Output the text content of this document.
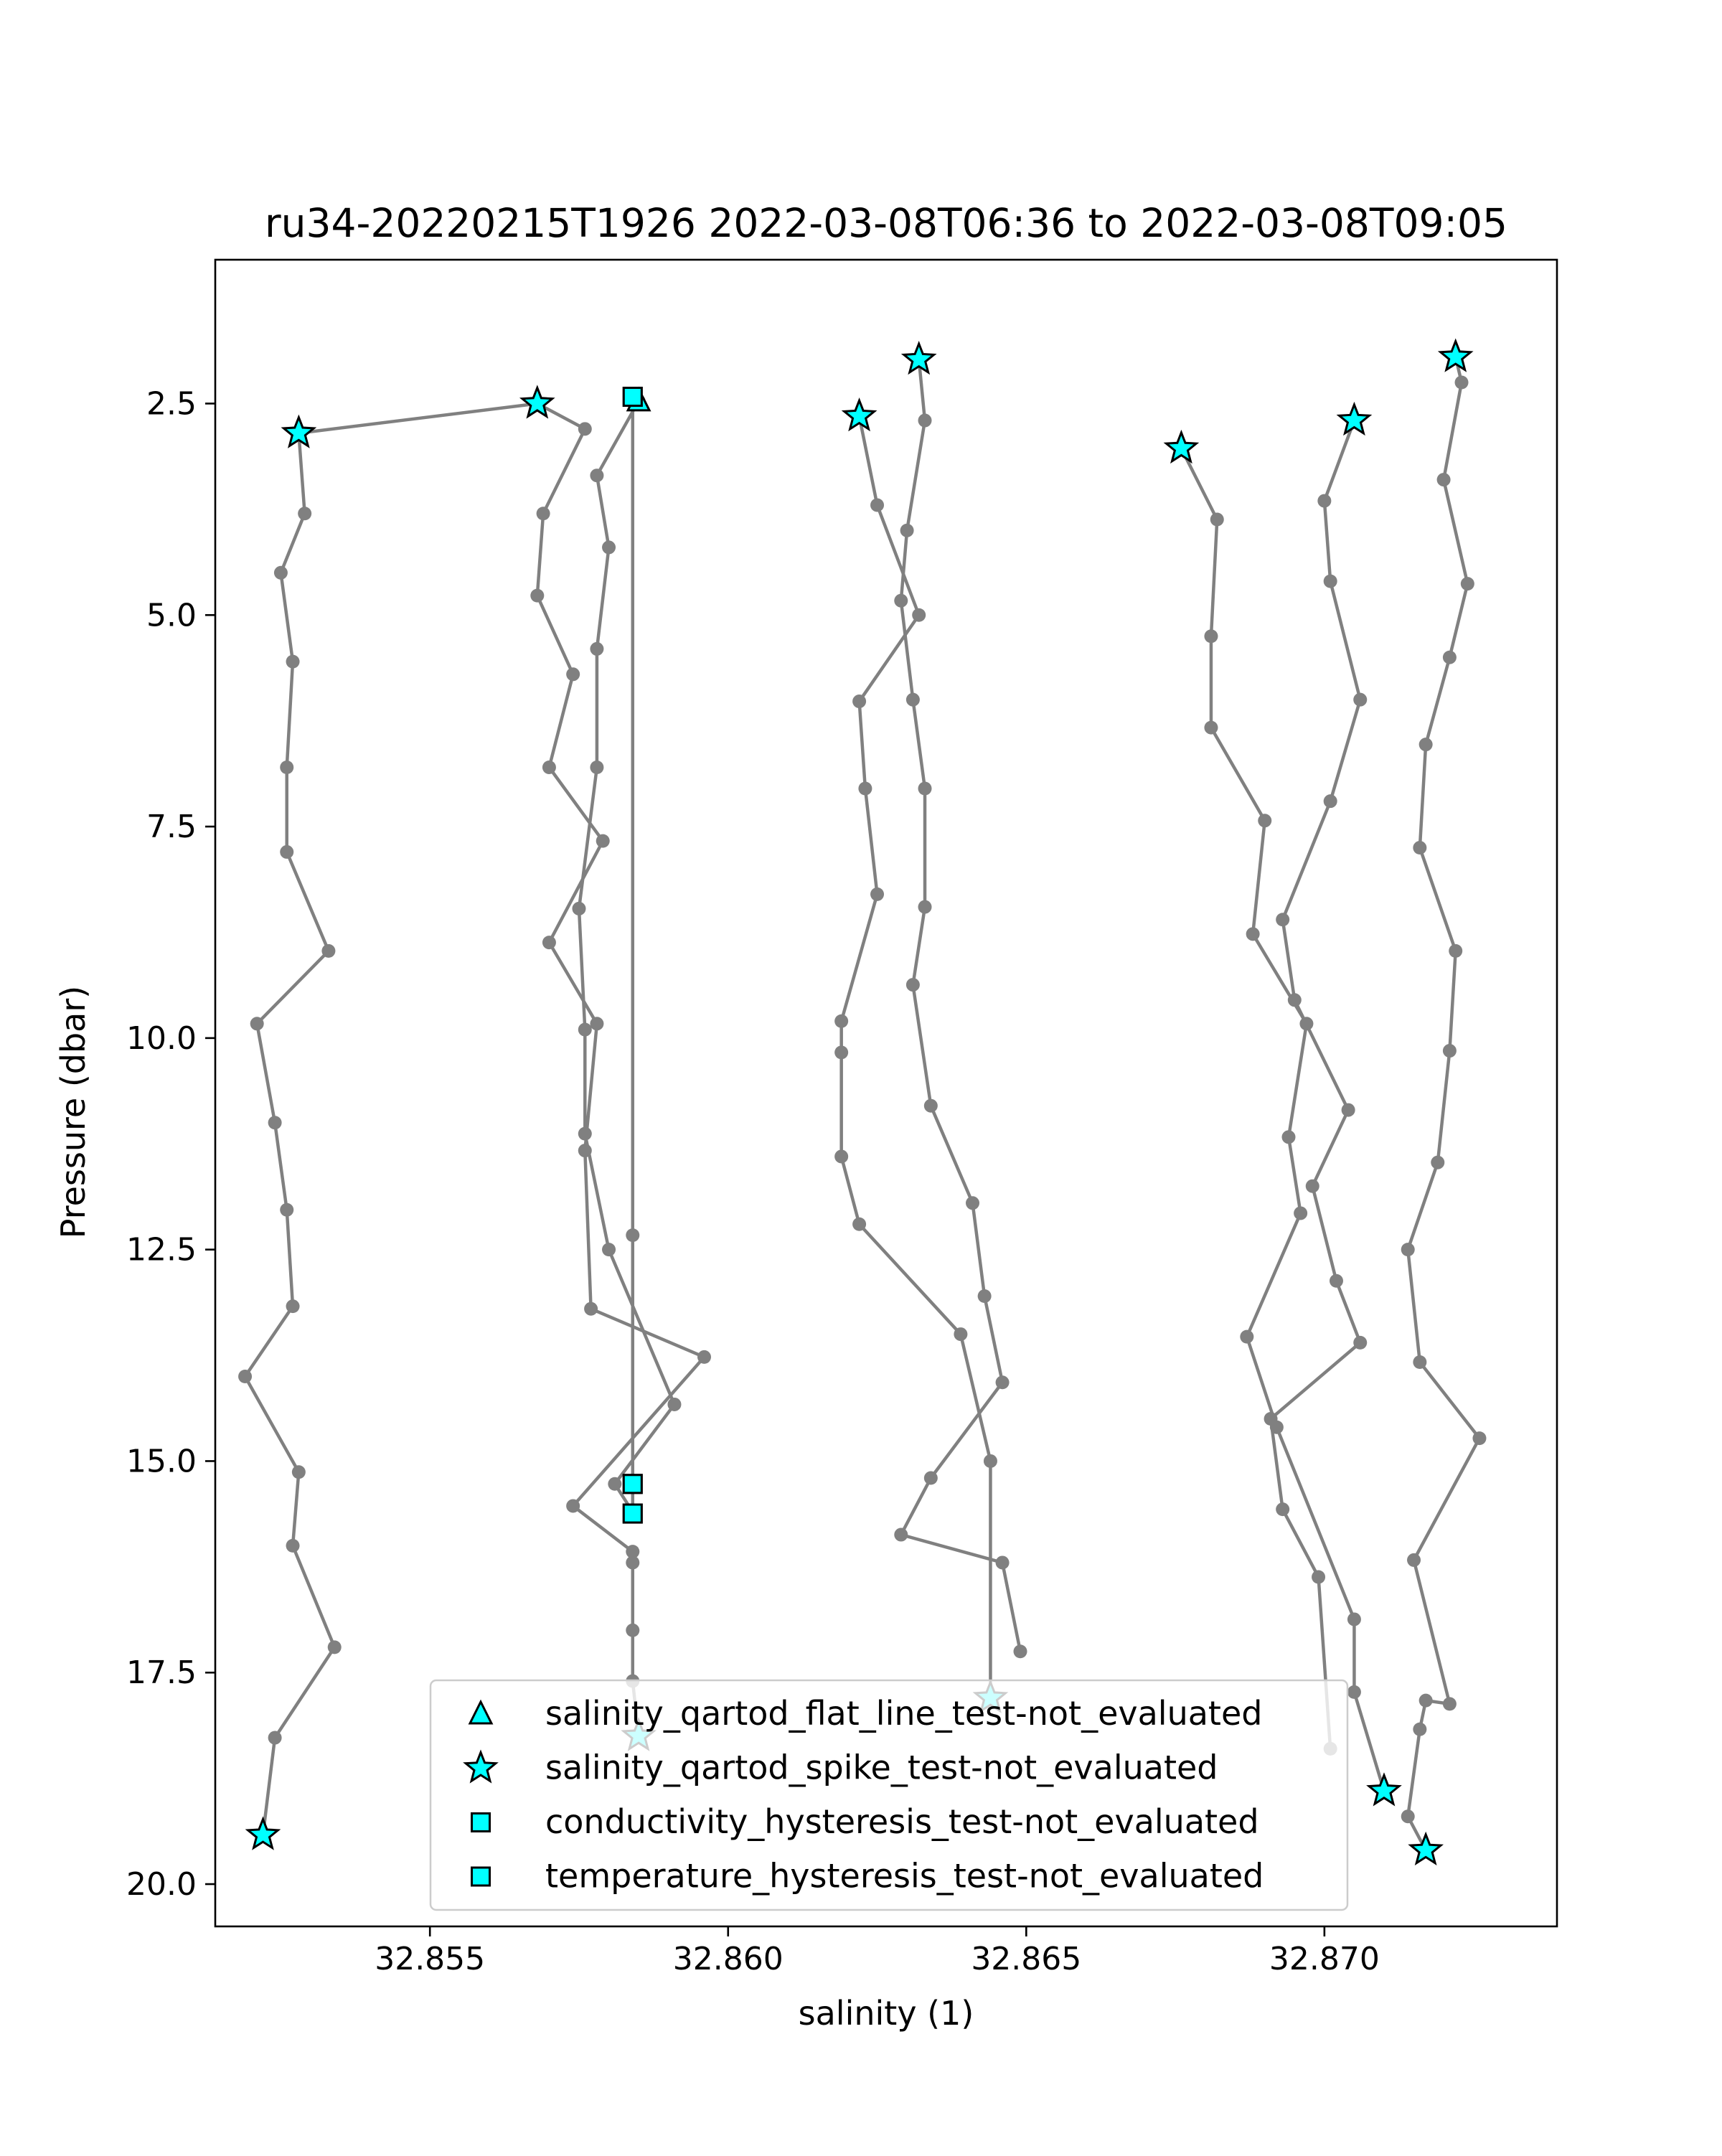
ru34-20220215T1926 2022-03-08T06:36 to 2022-03-08T09:05
salinity (1)
Pressure (dbar)
32.855	32.860	32.865	32.870
2.5
5.0
7.5
10.0
12.5
15.0
17.5
20.0
salinity_qartod_flat_line_test-not_evaluated
salinity_qartod_spike_test-not_evaluated
conductivity_hysteresis_test-not_evaluated
temperature_hysteresis_test-not_evaluated
